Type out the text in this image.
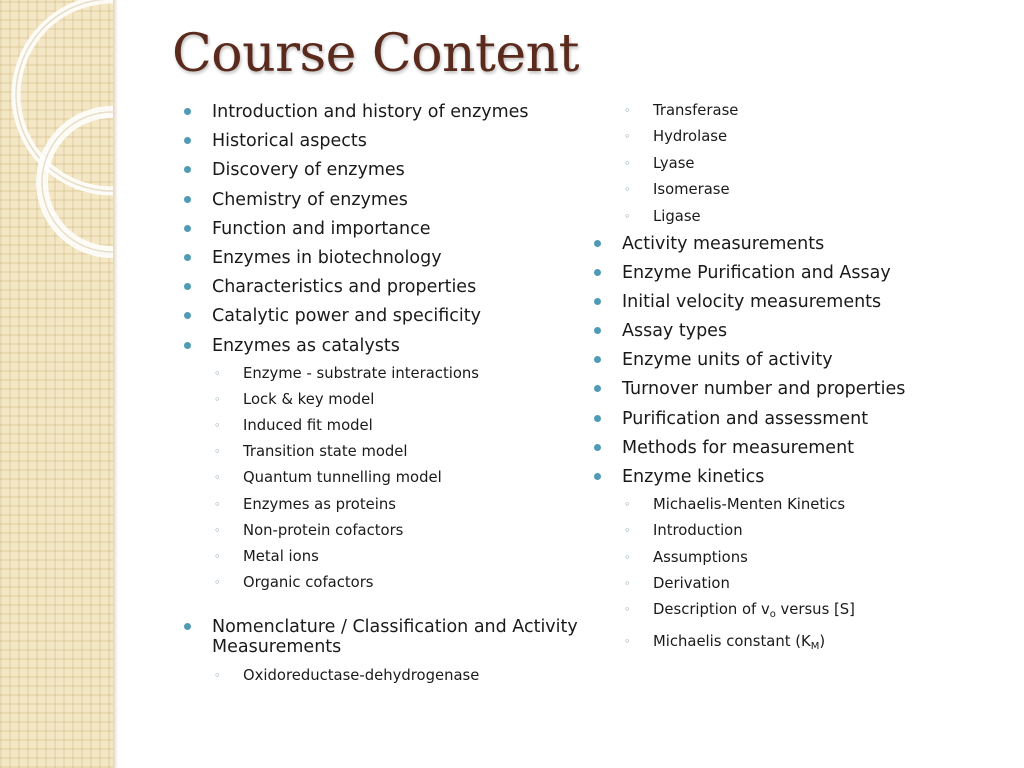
Course Content
Introduction and history of enzymes
Historical aspects
Discovery of enzymes
Chemistry of enzymes
Function and importance
Enzymes in biotechnology
Characteristics and properties
Catalytic power and specificity
Enzymes as catalysts
◦ Enzyme - substrate interactions
◦ Lock & key model
◦ Induced fit model
◦ Transition state model
◦ Quantum tunnelling model
◦ Enzymes as proteins
◦ Non-protein cofactors
◦ Metal ions
◦ Organic cofactors
Nomenclature / Classification and Activity Measurements
◦ Oxidoreductase-dehydrogenase
◦ Transferase
◦ Hydrolase
◦ Lyase
◦ Isomerase
◦ Ligase
Activity measurements
Enzyme Purification and Assay
Initial velocity measurements
Assay types
Enzyme units of activity
Turnover number and properties
Purification and assessment
Methods for measurement
Enzyme kinetics
◦ Michaelis-Menten Kinetics
◦ Introduction
◦ Assumptions
◦ Derivation
◦ Description of $v_o$ versus [S]
◦ Michaelis constant $(K_M)$
